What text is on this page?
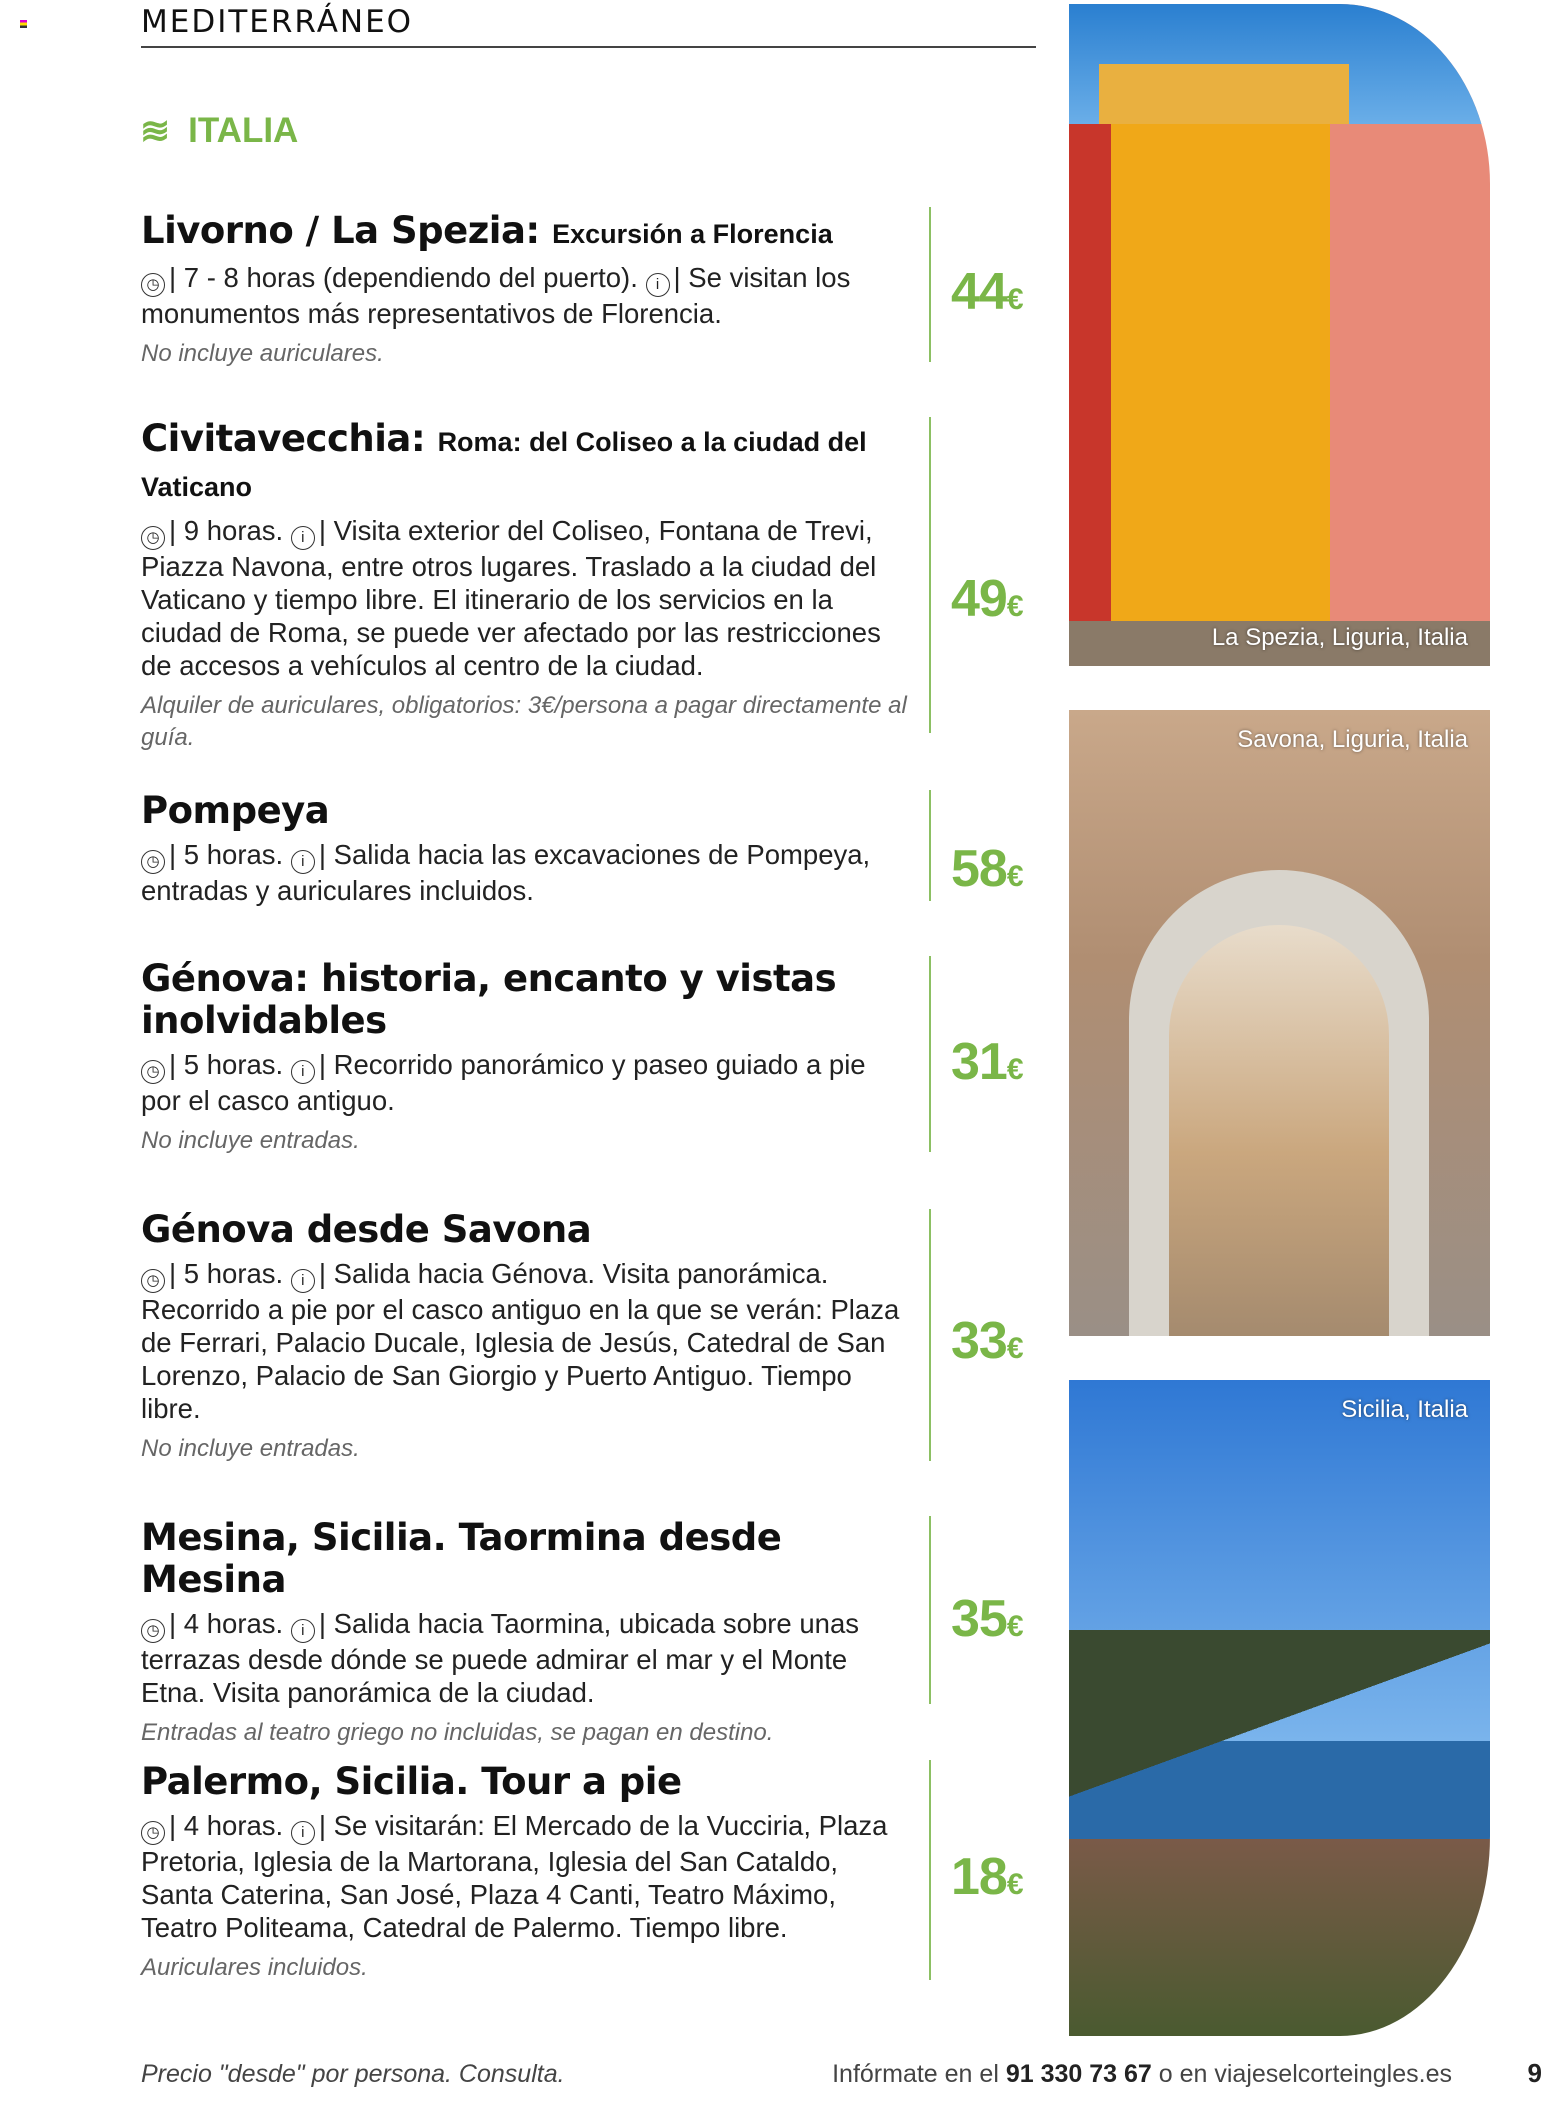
MEDITERRÁNEO
≋ ITALIA
Livorno / La Spezia: Excursión a Florencia
◷ | 7 - 8 horas (dependiendo del puerto). i | Se visitan los monumentos más representativos de Florencia.
No incluye auriculares.
44€
Civitavecchia: Roma: del Coliseo a la ciudad del Vaticano
◷ | 9 horas. i | Visita exterior del Coliseo, Fontana de Trevi, Piazza Navona, entre otros lugares. Traslado a la ciudad del Vaticano y tiempo libre. El itinerario de los servicios en la ciudad de Roma, se puede ver afectado por las restricciones de accesos a vehículos al centro de la ciudad.
Alquiler de auriculares, obligatorios: 3€/persona a pagar directamente al guía.
49€
Pompeya
◷ | 5 horas. i | Salida hacia las excavaciones de Pompeya, entradas y auriculares incluidos.	58€
Génova: historia, encanto y vistas inolvidables
◷ | 5 horas. i | Recorrido panorámico y paseo guiado a pie por el casco antiguo.
No incluye entradas.
31€
Génova desde Savona
◷ | 5 horas. i | Salida hacia Génova. Visita panorámica. Recorrido a pie por el casco antiguo en la que se verán: Plaza de Ferrari, Palacio Ducale, Iglesia de Jesús, Catedral de San Lorenzo, Palacio de San Giorgio y Puerto Antiguo. Tiempo libre.
No incluye entradas.
33€
Mesina, Sicilia. Taormina desde Mesina
◷ | 4 horas. i | Salida hacia Taormina, ubicada sobre unas terrazas desde dónde se puede admirar el mar y el Monte Etna. Visita panorámica de la ciudad.
Entradas al teatro griego no incluidas, se pagan en destino.
35€
Palermo, Sicilia. Tour a pie
◷ | 4 horas. i | Se visitarán: El Mercado de la Vucciria, Plaza Pretoria, Iglesia de la Martorana, Iglesia del San Cataldo, Santa Caterina, San José, Plaza 4 Canti, Teatro Máximo, Teatro Politeama, Catedral de Palermo. Tiempo libre.
Auriculares incluidos.
18€
La Spezia, Liguria, Italia
Savona, Liguria, Italia
Sicilia, Italia
Precio "desde" por persona. Consulta.	Infórmate en el 91 330 73 67 o en viajeselcorteingles.es	9
